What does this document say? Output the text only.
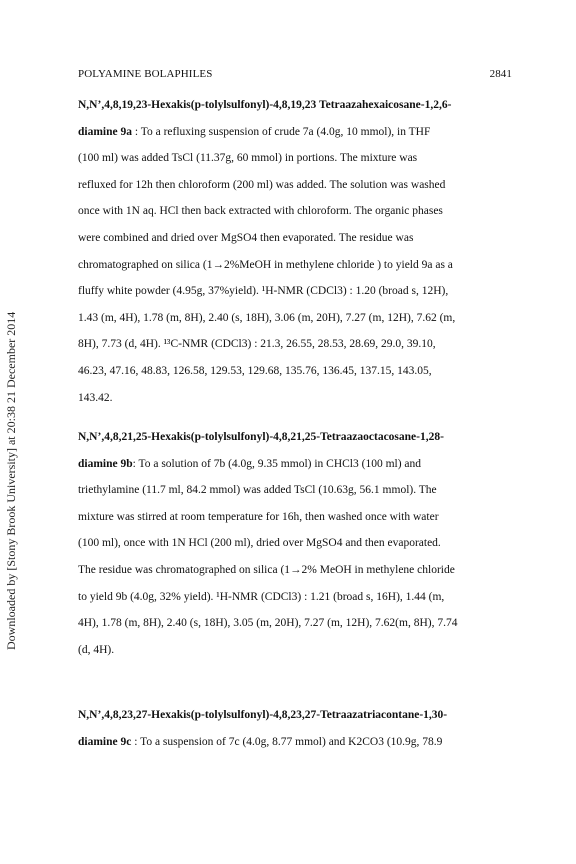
POLYAMINE BOLAPHILES	2841
Downloaded by [Stony Brook University] at 20:38 21 December 2014
N,N’,4,8,19,23-Hexakis(p-tolylsulfonyl)-4,8,19,23 Tetraazahexaicosane-1,2,6-
diamine 9a : To a refluxing suspension of crude 7a (4.0g, 10 mmol), in THF
(100 ml) was added TsCl (11.37g, 60 mmol) in portions. The mixture was
refluxed for 12h then chloroform (200 ml) was added. The solution was washed
once with 1N aq. HCl then back extracted with chloroform. The organic phases
were combined and dried over MgSO4 then evaporated. The residue was
chromatographed on silica (1→2%MeOH in methylene chloride ) to yield 9a as a
fluffy white powder (4.95g, 37%yield). ¹H-NMR (CDCl3) : 1.20 (broad s, 12H),
1.43 (m, 4H), 1.78 (m, 8H), 2.40 (s, 18H), 3.06 (m, 20H), 7.27 (m, 12H), 7.62 (m,
8H), 7.73 (d, 4H). ¹³C-NMR (CDCl3) : 21.3, 26.55, 28.53, 28.69, 29.0, 39.10,
46.23, 47.16, 48.83, 126.58, 129.53, 129.68, 135.76, 136.45, 137.15, 143.05,
143.42.
N,N’,4,8,21,25-Hexakis(p-tolylsulfonyl)-4,8,21,25-Tetraazaoctacosane-1,28-
diamine 9b: To a solution of 7b (4.0g, 9.35 mmol) in CHCl3 (100 ml) and
triethylamine (11.7 ml, 84.2 mmol) was added TsCl (10.63g, 56.1 mmol). The
mixture was stirred at room temperature for 16h, then washed once with water
(100 ml), once with 1N HCl (200 ml), dried over MgSO4 and then evaporated.
The residue was chromatographed on silica (1→2% MeOH in methylene chloride
to yield 9b (4.0g, 32% yield). ¹H-NMR (CDCl3) : 1.21 (broad s, 16H), 1.44 (m,
4H), 1.78 (m, 8H), 2.40 (s, 18H), 3.05 (m, 20H), 7.27 (m, 12H), 7.62(m, 8H), 7.74
(d, 4H).
N,N’,4,8,23,27-Hexakis(p-tolylsulfonyl)-4,8,23,27-Tetraazatriacontane-1,30-
diamine 9c : To a suspension of 7c (4.0g, 8.77 mmol) and K2CO3 (10.9g, 78.9
